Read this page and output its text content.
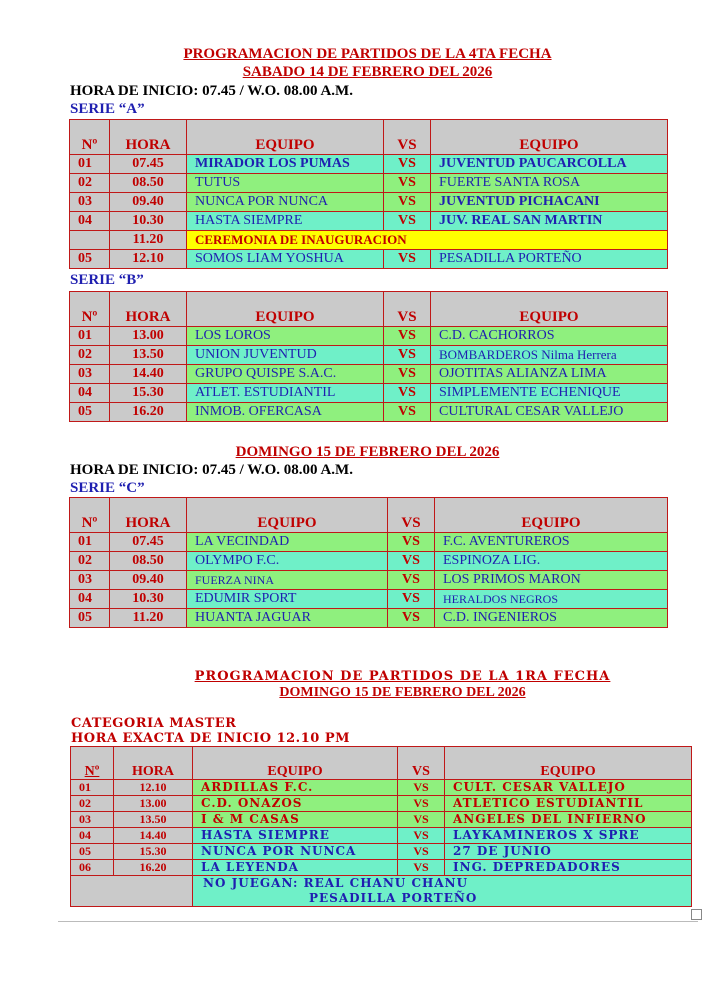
PROGRAMACION DE PARTIDOS DE LA 4TA FECHA
SABADO 14 DE FEBRERO DEL 2026
HORA DE INICIO: 07.45 / W.O. 08.00 A.M.
SERIE “A”
Nº	HORA	EQUIPO	VS	EQUIPO
01	07.45	MIRADOR LOS PUMAS	VS	JUVENTUD PAUCARCOLLA
02	08.50	TUTUS	VS	FUERTE SANTA ROSA
03	09.40	NUNCA POR NUNCA	VS	JUVENTUD PICHACANI
04	10.30	HASTA SIEMPRE	VS	JUV. REAL SAN MARTIN
	11.20	CEREMONIA DE INAUGURACION		
05	12.10	SOMOS LIAM YOSHUA	VS	PESADILLA PORTEÑO
SERIE “B”
Nº	HORA	EQUIPO	VS	EQUIPO
01	13.00	LOS LOROS	VS	C.D. CACHORROS
02	13.50	UNION JUVENTUD	VS	BOMBARDEROS Nilma Herrera
03	14.40	GRUPO QUISPE S.A.C.	VS	OJOTITAS ALIANZA LIMA
04	15.30	ATLET. ESTUDIANTIL	VS	SIMPLEMENTE ECHENIQUE
05	16.20	INMOB. OFERCASA	VS	CULTURAL CESAR VALLEJO
DOMINGO 15 DE FEBRERO DEL 2026
HORA DE INICIO: 07.45 / W.O. 08.00 A.M.
SERIE “C”
Nº	HORA	EQUIPO	VS	EQUIPO
01	07.45	LA VECINDAD	VS	F.C. AVENTUREROS
02	08.50	OLYMPO F.C.	VS	ESPINOZA LIG.
03	09.40	FUERZA NINA	VS	LOS PRIMOS MARON
04	10.30	EDUMIR SPORT	VS	HERALDOS NEGROS
05	11.20	HUANTA JAGUAR	VS	C.D. INGENIEROS
PROGRAMACION DE PARTIDOS DE LA 1RA FECHA
DOMINGO 15 DE FEBRERO DEL 2026
CATEGORIA MASTER
HORA EXACTA DE INICIO 12.10 PM
Nº	HORA	EQUIPO	VS	EQUIPO
01	12.10	ARDILLAS F.C.	VS	CULT. CESAR VALLEJO
02	13.00	C.D. ONAZOS	VS	ATLETICO ESTUDIANTIL
03	13.50	I & M CASAS	VS	ANGELES DEL INFIERNO
04	14.40	HASTA SIEMPRE	VS	LAYKAMINEROS X SPRE
05	15.30	NUNCA POR NUNCA	VS	27 DE JUNIO
06	16.20	LA LEYENDA	VS	ING. DEPREDADORES

		NO JUEGAN: REAL CHANU CHANU
PESADILLA PORTEÑO		
